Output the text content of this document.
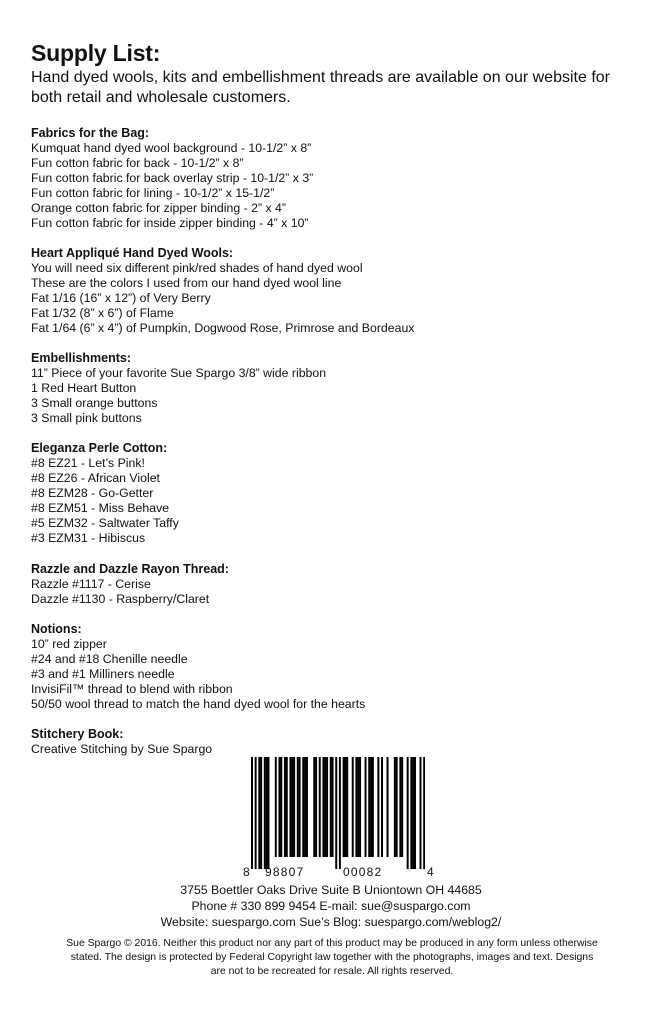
Supply List:

Hand dyed wools, kits and embellishment threads are available on our website for both retail and wholesale customers.

Fabrics for the Bag:
Kumquat hand dyed wool background - 10-1/2” x 8”
Fun cotton fabric for back - 10-1/2” x 8”
Fun cotton fabric for back overlay strip - 10-1/2” x 3”
Fun cotton fabric for lining - 10-1/2” x 15-1/2”
Orange cotton fabric for zipper binding - 2” x 4”
Fun cotton fabric for inside zipper binding - 4” x 10”
Heart Appliqué Hand Dyed Wools:
You will need six different pink/red shades of hand dyed wool
These are the colors I used from our hand dyed wool line
Fat 1/16 (16” x 12”) of Very Berry
Fat 1/32 (8” x 6”) of Flame
Fat 1/64 (6” x 4”) of Pumpkin, Dogwood Rose, Primrose and Bordeaux
Embellishments:
11” Piece of your favorite Sue Spargo 3/8” wide ribbon
1 Red Heart Button
3 Small orange buttons
3 Small pink buttons
Eleganza Perle Cotton:
#8 EZ21 - Let’s Pink!
#8 EZ26 - African Violet
#8 EZM28 - Go-Getter
#8 EZM51 - Miss Behave
#5 EZM32 - Saltwater Taffy
#3 EZM31 - Hibiscus
Razzle and Dazzle Rayon Thread:
Razzle #1117 - Cerise
Dazzle #1130 - Raspberry/Claret
Notions:
10” red zipper
#24 and #18 Chenille needle
#3 and #1 Milliners needle
InvisiFil™ thread to blend with ribbon
50/50 wool thread to match the hand dyed wool for the hearts
Stitchery Book:
Creative Stitching by Sue Spargo
8 98807	00082	4

3755 Boettler Oaks Drive Suite B Uniontown OH 44685

Phone # 330 899 9454 E-mail: sue@suspargo.com

Website: suespargo.com Sue’s Blog: suespargo.com/weblog2/

Sue Spargo © 2016. Neither this product nor any part of this product may be produced in any form unless otherwise stated. The design is protected by Federal Copyright law together with the photographs, images and text. Designs are not to be recreated for resale. All rights reserved.
